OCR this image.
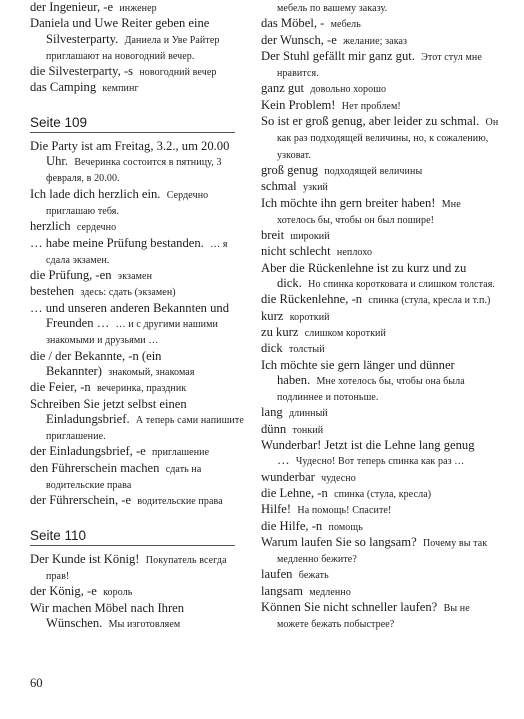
der Ingenieur, -e инженер
Daniela und Uwe Reiter geben eine Silvesterparty. Даниела и Уве Райтер приглашают на новогодний вечер.
die Silvesterparty, -s новогодний вечер
das Camping кемпинг
Seite 109
Die Party ist am Freitag, 3.2., um 20.00 Uhr. Вечеринка состоится в пятницу, 3 февраля, в 20.00.
Ich lade dich herzlich ein. Сердечно приглашаю тебя.
herzlich сердечно
… habe meine Prüfung bestanden. … я сдала экзамен.
die Prüfung, -en экзамен
bestehen здесь: сдать (экзамен)
… und unseren anderen Bekannten und Freunden … … и с другими нашими знакомыми и друзьями …
die / der Bekannte, -n (ein Bekannter) знакомый, знакомая
die Feier, -n вечеринка, праздник
Schreiben Sie jetzt selbst einen Einladungsbrief. А теперь сами напишите приглашение.
der Einladungsbrief, -e приглашение
den Führerschein machen сдать на водительские права
der Führerschein, -e водительские права
Seite 110
Der Kunde ist König! Покупатель всегда прав!
der König, -e король
Wir machen Möbel nach Ihren Wünschen. Мы изготовляем
мебель по вашему заказу.
das Möbel, - мебель
der Wunsch, -e желание; заказ
Der Stuhl gefällt mir ganz gut. Этот стул мне нравится.
ganz gut довольно хорошо
Kein Problem! Нет проблем!
So ist er groß genug, aber leider zu schmal. Он как раз подходящей величины, но, к сожалению, узковат.
groß genug подходящей величины
schmal узкий
Ich möchte ihn gern breiter haben! Мне хотелось бы, чтобы он был пошире!
breit широкий
nicht schlecht неплохо
Aber die Rückenlehne ist zu kurz und zu dick. Но спинка коротковата и слишком толстая.
die Rückenlehne, -n спинка (стула, кресла и т.п.)
kurz короткий
zu kurz слишком короткий
dick толстый
Ich möchte sie gern länger und dünner haben. Мне хотелось бы, чтобы она была подлиннее и потоньше.
lang длинный
dünn тонкий
Wunderbar! Jetzt ist die Lehne lang genug … Чудесно! Вот теперь спинка как раз …
wunderbar чудесно
die Lehne, -n спинка (стула, кресла)
Hilfe! На помощь! Спасите!
die Hilfe, -n помощь
Warum laufen Sie so langsam? Почему вы так медленно бежите?
laufen бежать
langsam медленно
Können Sie nicht schneller laufen? Вы не можете бежать побыстрее?
60
